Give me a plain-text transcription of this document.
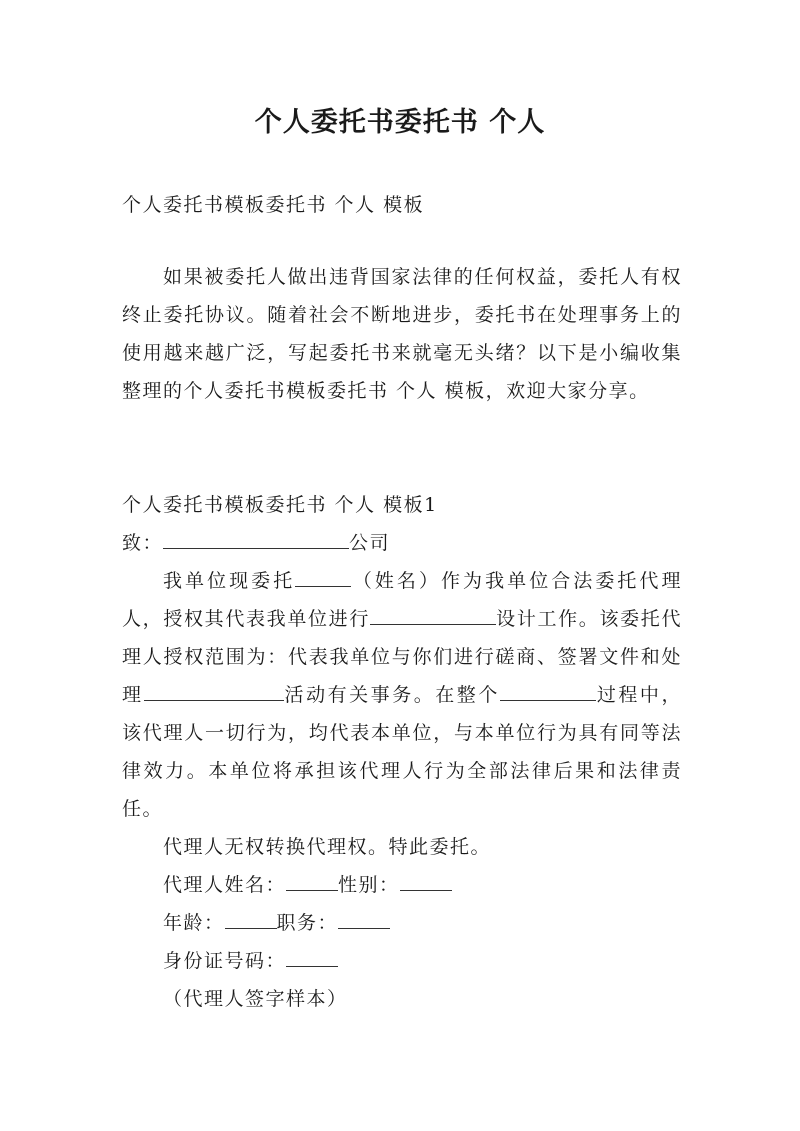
个人委托书委托书 个人
个人委托书模板委托书 个人 模板
如果被委托人做出违背国家法律的任何权益，委托人有权终止委托协议。随着社会不断地进步，委托书在处理事务上的使用越来越广泛，写起委托书来就毫无头绪？以下是小编收集整理的个人委托书模板委托书 个人 模板，欢迎大家分享。
个人委托书模板委托书 个人 模板1
致：	公司
我单位现委托	（姓名）作为我单位合法委托代理人，授权其代表我单位进行	设计工作。该委托代理人授权范围为：代表我单位与你们进行磋商、签署文件和处理	活动有关事务。在整个	过程中，该代理人一切行为，均代表本单位，与本单位行为具有同等法律效力。本单位将承担该代理人行为全部法律后果和法律责任。
代理人无权转换代理权。特此委托。
代理人姓名：	性别：
年龄：	职务：
身份证号码：
（代理人签字样本）
